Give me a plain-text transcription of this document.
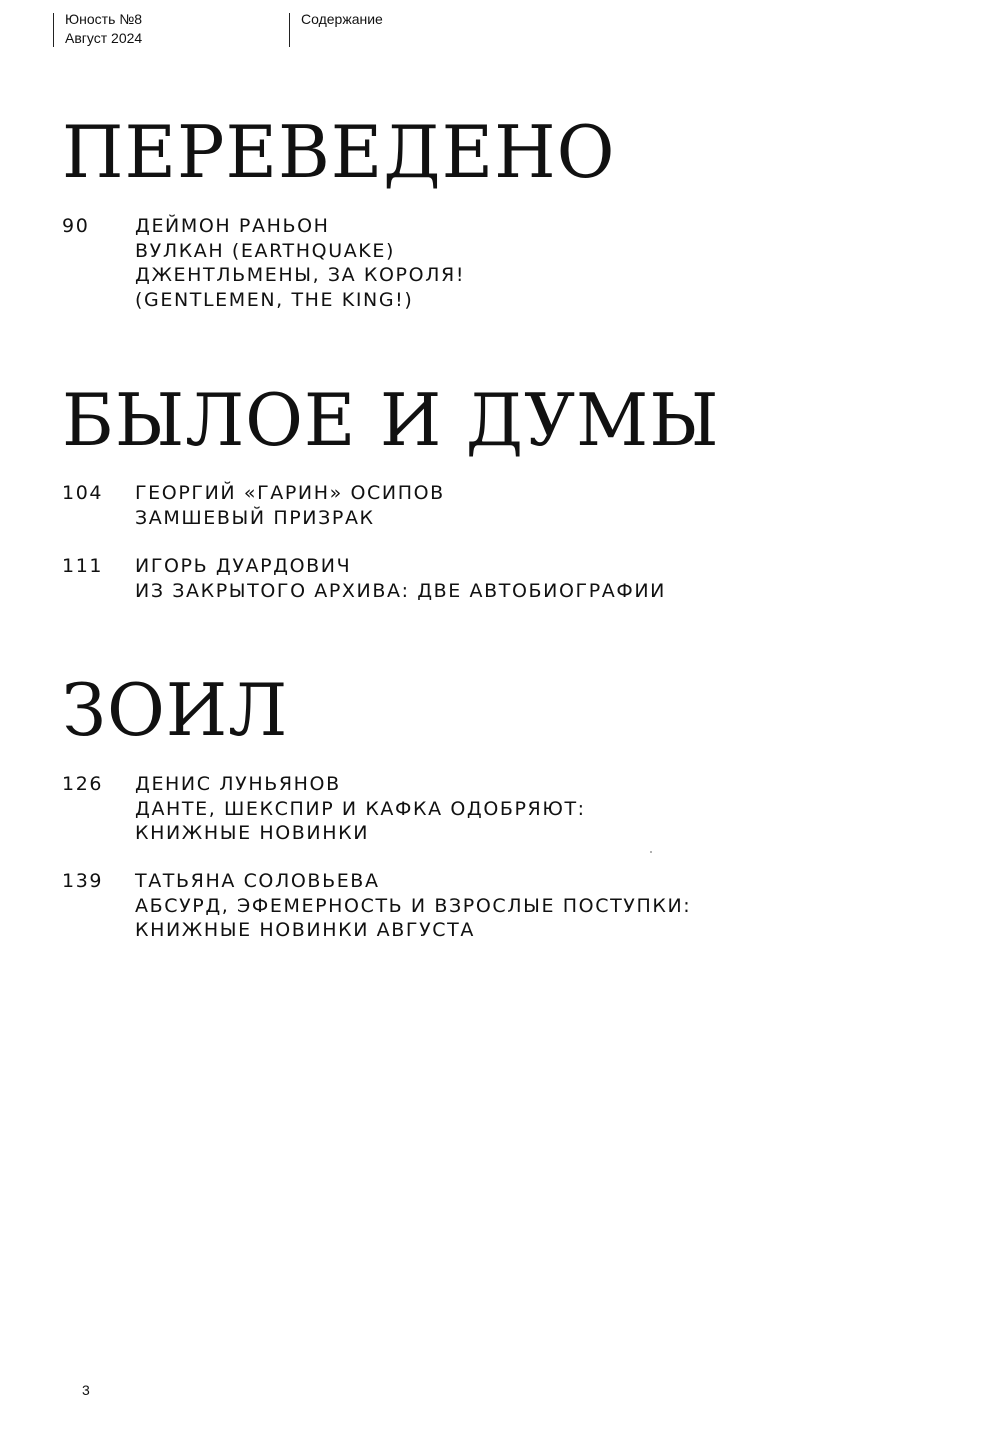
Юность №8
Август 2024
Содержание
ПЕРЕВЕДЕНО
90	ДЕЙМОН РАНЬОН
ВУЛКАН (EARTHQUAKE)
ДЖЕНТЛЬМЕНЫ, ЗА КОРОЛЯ!
(GENTLEMEN, THE KING!)
БЫЛОЕ И ДУМЫ
104	ГЕОРГИЙ «ГАРИН» ОСИПОВ
ЗАМШЕВЫЙ ПРИЗРАК
111	ИГОРЬ ДУАРДОВИЧ
ИЗ ЗАКРЫТОГО АРХИВА: ДВЕ АВТОБИОГРАФИИ
ЗОИЛ
126	ДЕНИС ЛУНЬЯНОВ
ДАНТЕ, ШЕКСПИР И КАФКА ОДОБРЯЮТ:
КНИЖНЫЕ НОВИНКИ
139	ТАТЬЯНА СОЛОВЬЕВА
АБСУРД, ЭФЕМЕРНОСТЬ И ВЗРОСЛЫЕ ПОСТУПКИ:
КНИЖНЫЕ НОВИНКИ АВГУСТА
3
